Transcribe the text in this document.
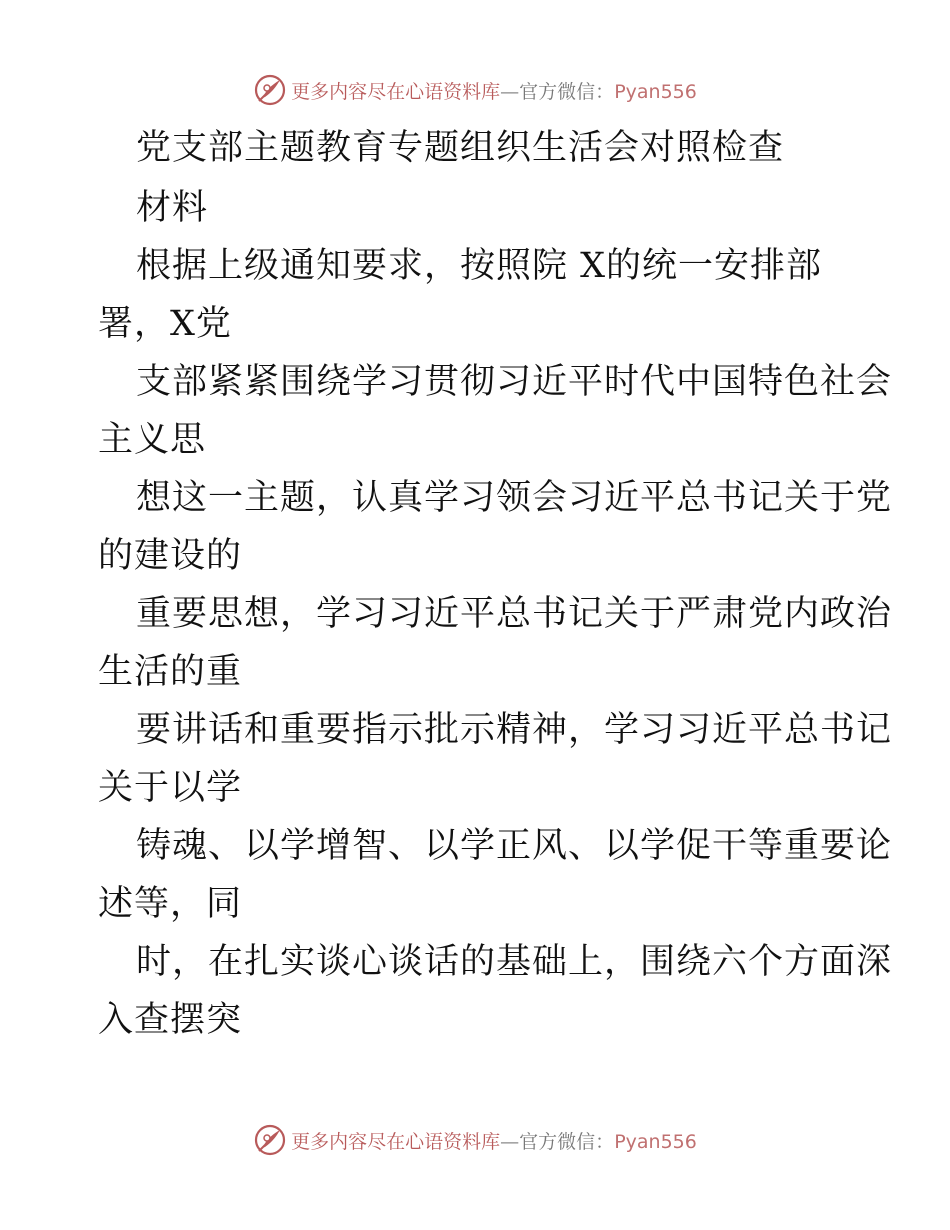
更多内容尽在心语资料库—官方微信：Pyan556
党支部主题教育专题组织生活会对照检查
材料
根据上级通知要求，按照院 X的统一安排部
署，X党
支部紧紧围绕学习贯彻习近平时代中国特色社会
主义思
想这一主题，认真学习领会习近平总书记关于党
的建设的
重要思想，学习习近平总书记关于严肃党内政治
生活的重
要讲话和重要指示批示精神，学习习近平总书记
关于以学
铸魂、以学增智、以学正风、以学促干等重要论
述等，同
时，在扎实谈心谈话的基础上，围绕六个方面深
入查摆突
更多内容尽在心语资料库—官方微信：Pyan556
